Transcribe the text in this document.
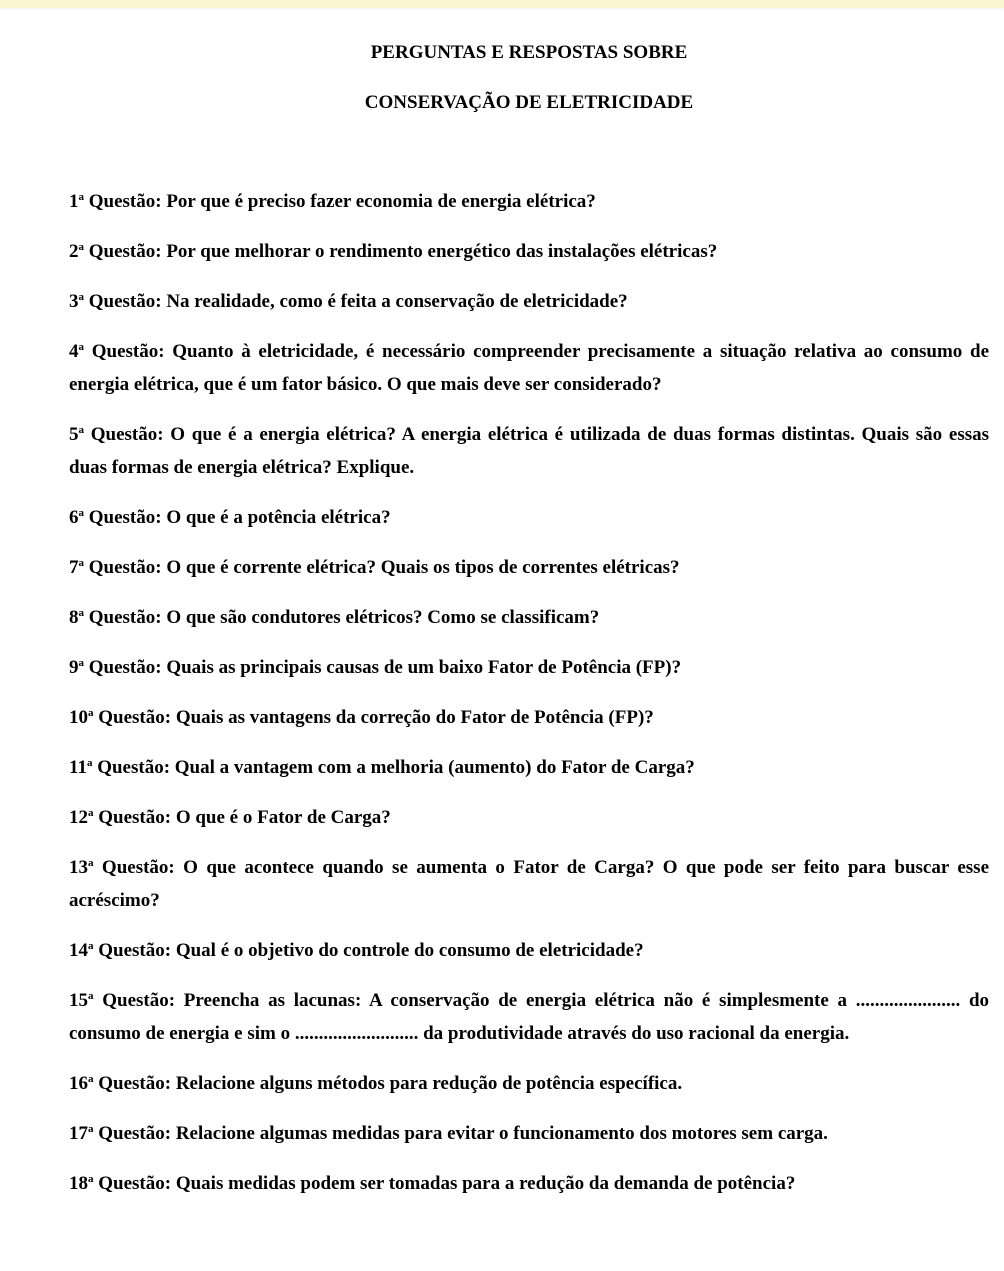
PERGUNTAS E RESPOSTAS SOBRE

CONSERVAÇÃO DE ELETRICIDADE

1$^a$ Questão: Por que é preciso fazer economia de energia elétrica?

2$^a$ Questão: Por que melhorar o rendimento energético das instalações elétricas?

3$^a$ Questão: Na realidade, como é feita a conservação de eletricidade?

4$^a$ Questão: Quanto à eletricidade, é necessário compreender precisamente a situação relativa ao consumo de energia elétrica, que é um fator básico. O que mais deve ser considerado?

5$^a$ Questão: O que é a energia elétrica? A energia elétrica é utilizada de duas formas distintas. Quais são essas duas formas de energia elétrica? Explique.

6$^a$ Questão: O que é a potência elétrica?

7$^a$ Questão: O que é corrente elétrica? Quais os tipos de correntes elétricas?

8$^a$ Questão: O que são condutores elétricos? Como se classificam?

9$^a$ Questão: Quais as principais causas de um baixo Fator de Potência (FP)?

10$^a$ Questão: Quais as vantagens da correção do Fator de Potência (FP)?

11$^a$ Questão: Qual a vantagem com a melhoria (aumento) do Fator de Carga?

12$^a$ Questão: O que é o Fator de Carga?

13$^a$ Questão: O que acontece quando se aumenta o Fator de Carga? O que pode ser feito para buscar esse acréscimo?

14$^a$ Questão: Qual é o objetivo do controle do consumo de eletricidade?

15$^a$ Questão: Preencha as lacunas: A conservação de energia elétrica não é simplesmente a ...................... do consumo de energia e sim o .......................... da produtividade através do uso racional da energia.

16$^a$ Questão: Relacione alguns métodos para redução de potência específica.

17$^a$ Questão: Relacione algumas medidas para evitar o funcionamento dos motores sem carga.

18$^a$ Questão: Quais medidas podem ser tomadas para a redução da demanda de potência?
